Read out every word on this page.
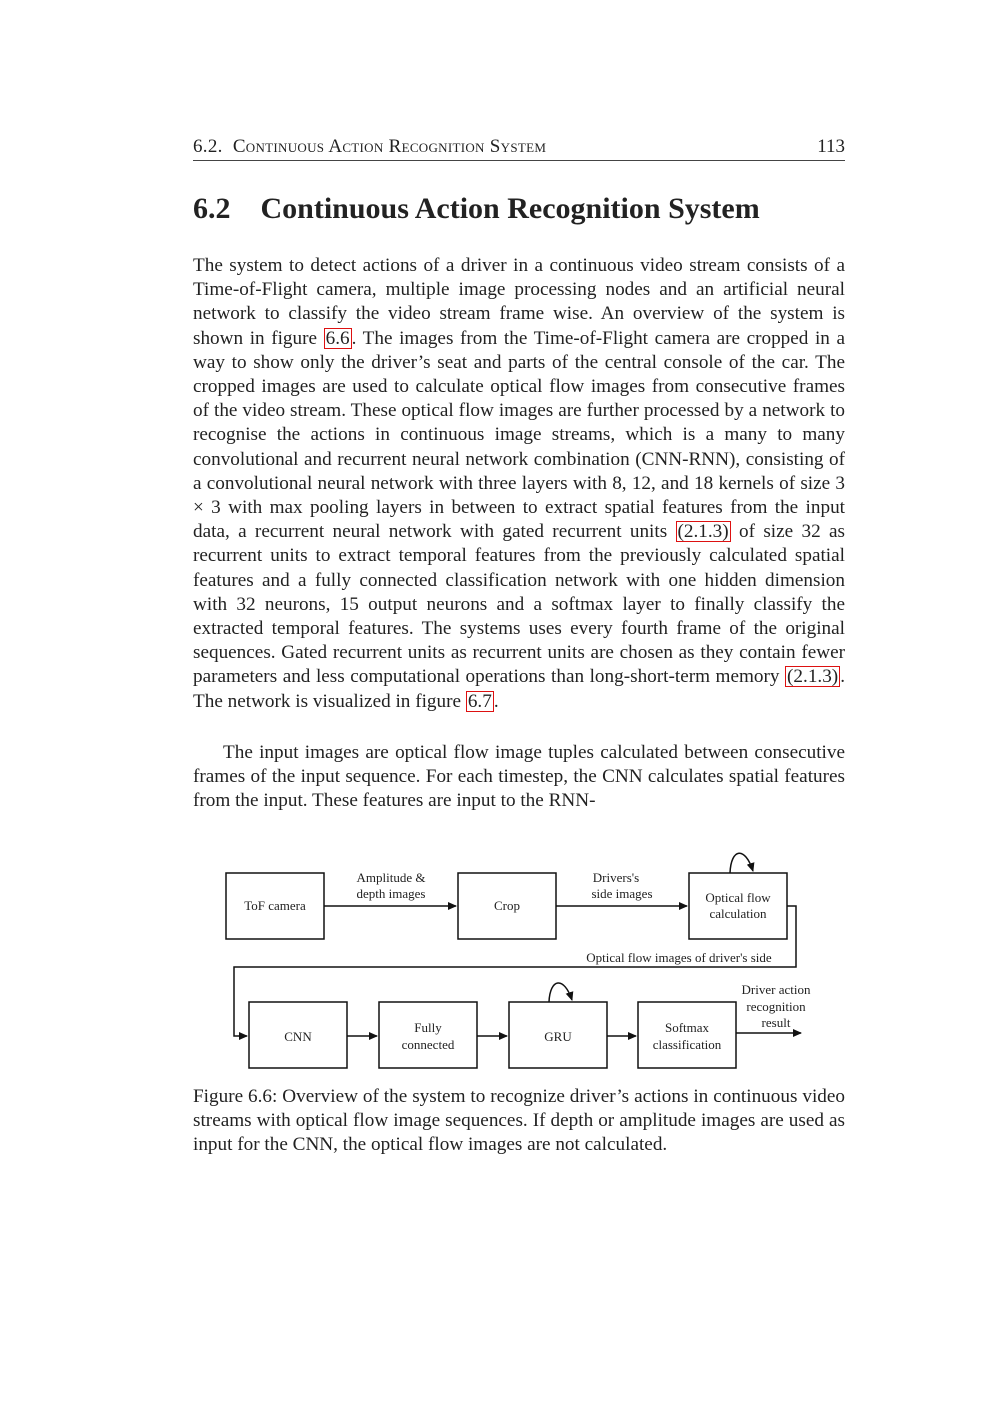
6.2. Continuous Action Recognition System	113
6.2 Continuous Action Recognition System

The system to detect actions of a driver in a continuous video stream consists of a Time-of-Flight camera, multiple image processing nodes and an artificial neural network to classify the video stream frame wise. An overview of the system is shown in figure 6.6 . The images from the Time-of-Flight camera are cropped in a way to show only the driver’s seat and parts of the central console of the car. The cropped images are used to calculate optical flow images from consecutive frames of the video stream. These optical flow images are further processed by a network to recognise the actions in continuous image streams, which is a many to many convolutional and recurrent neural network combination (CNN-RNN), consisting of a convolutional neural network with three layers with 8, 12, and 18 kernels of size 3 × 3 with max pooling layers in between to extract spatial features from the input data, a recurrent neural network with gated recurrent units (2.1.3) of size 32 as recurrent units to extract temporal features from the previously calculated spatial features and a fully connected classification network with one hidden dimension with 32 neurons, 15 output neurons and a softmax layer to finally classify the extracted temporal features. The systems uses every fourth frame of the original sequences. Gated recurrent units as recurrent units are chosen as they contain fewer parameters and less computational operations than long-short-term memory (2.1.3) . The network is visualized in figure 6.7 .

The input images are optical flow image tuples calculated between consecutive frames of the input sequence. For each timestep, the CNN calculates spatial features from the input. These features are input to the RNN-

ToF camera
Amplitude &
depth images
Crop
Drivers's
side images	Optical flow
calculation
Optical flow images of driver's side
CNN
Fully
connected
GRU
Softmax
classification
Driver action
recognition
result

Figure 6.6: Overview of the system to recognize driver’s actions in continuous video streams with optical flow image sequences. If depth or amplitude images are used as input for the CNN, the optical flow images are not calculated.
